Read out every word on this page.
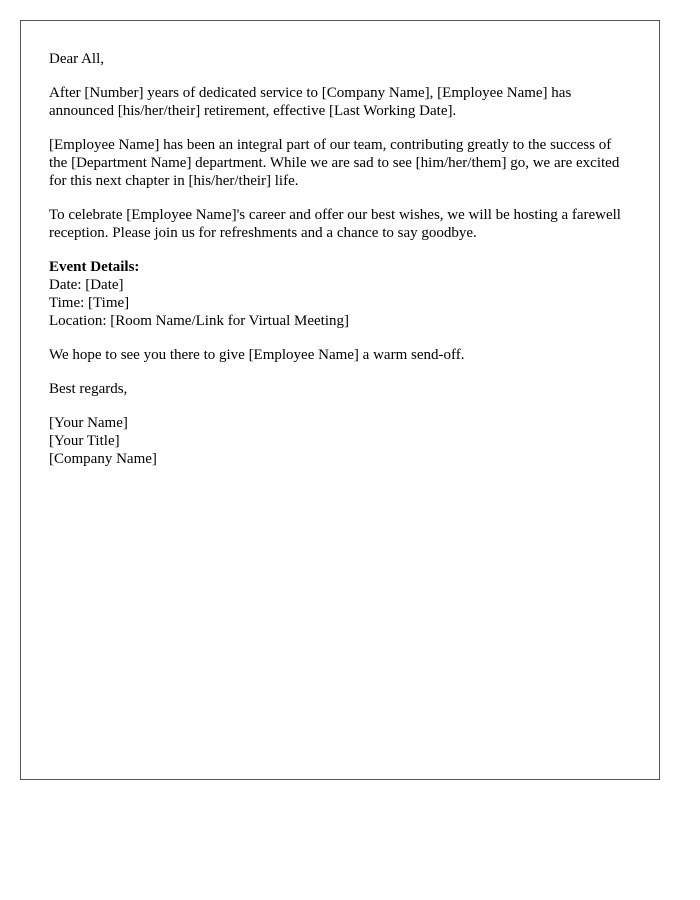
Dear All,

After [Number] years of dedicated service to [Company Name], [Employee Name] has announced [his/her/their] retirement, effective [Last Working Date].

[Employee Name] has been an integral part of our team, contributing greatly to the success of the [Department Name] department. While we are sad to see [him/her/them] go, we are excited for this next chapter in [his/her/their] life.

To celebrate [Employee Name]'s career and offer our best wishes, we will be hosting a farewell reception. Please join us for refreshments and a chance to say goodbye.

Event Details:
Date: [Date]
Time: [Time]
Location: [Room Name/Link for Virtual Meeting]

We hope to see you there to give [Employee Name] a warm send-off.

Best regards,

[Your Name]
[Your Title]
[Company Name]
